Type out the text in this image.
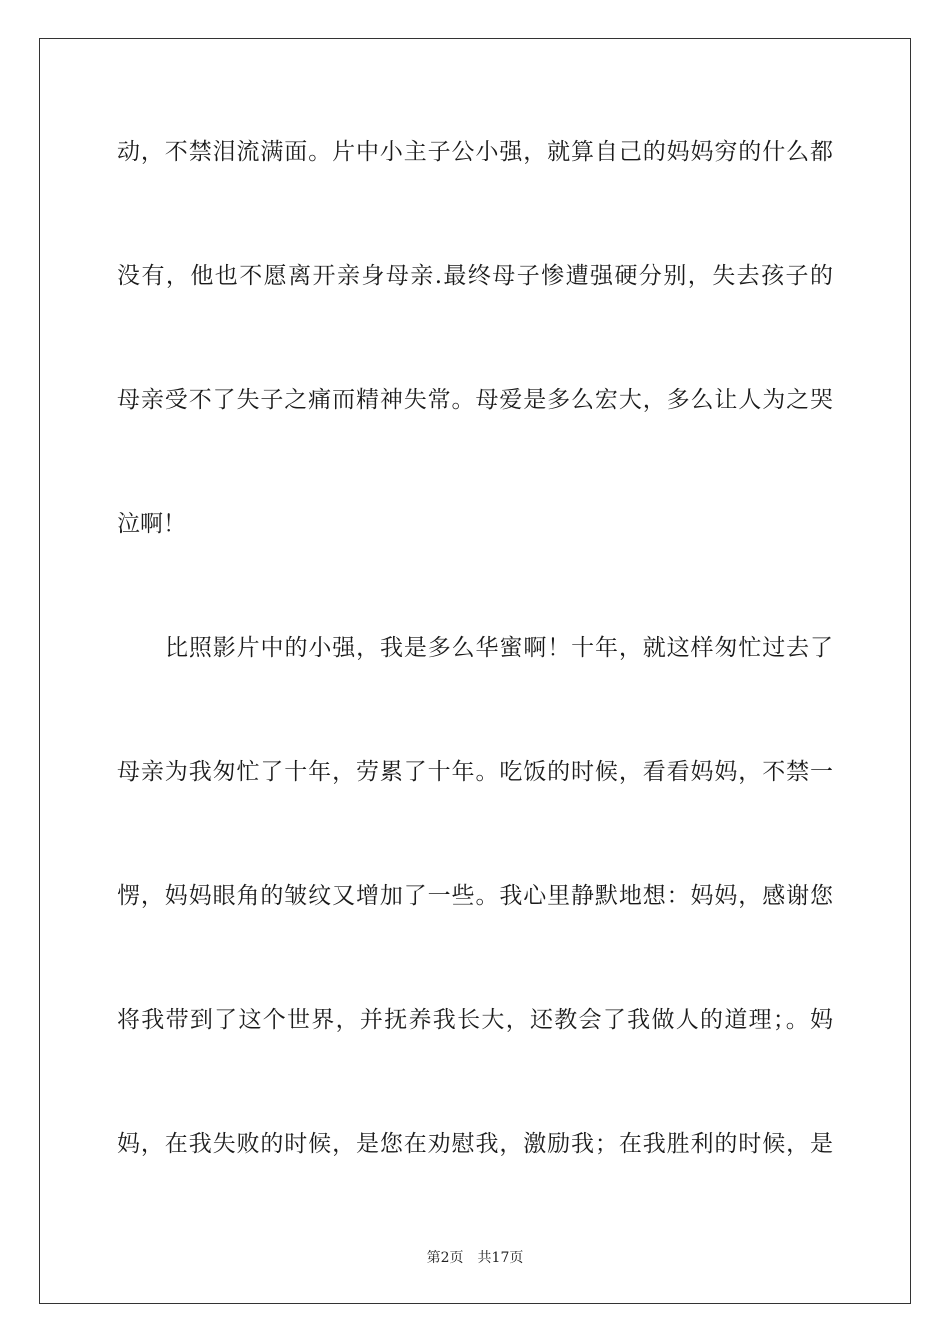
动，不禁泪流满面。片中小主子公小强，就算自己的妈妈穷的什么都
没有，他也不愿离开亲身母亲.最终母子惨遭强硬分别，失去孩子的
母亲受不了失子之痛而精神失常。母爱是多么宏大，多么让人为之哭
泣啊！
比照影片中的小强，我是多么华蜜啊！十年，就这样匆忙过去了
母亲为我匆忙了十年，劳累了十年。吃饭的时候，看看妈妈，不禁一
愣，妈妈眼角的皱纹又增加了一些。我心里静默地想：妈妈，感谢您
将我带到了这个世界，并抚养我长大，还教会了我做人的道理；。妈
妈，在我失败的时候，是您在劝慰我，激励我；在我胜利的时候，是
第2页 共17页
